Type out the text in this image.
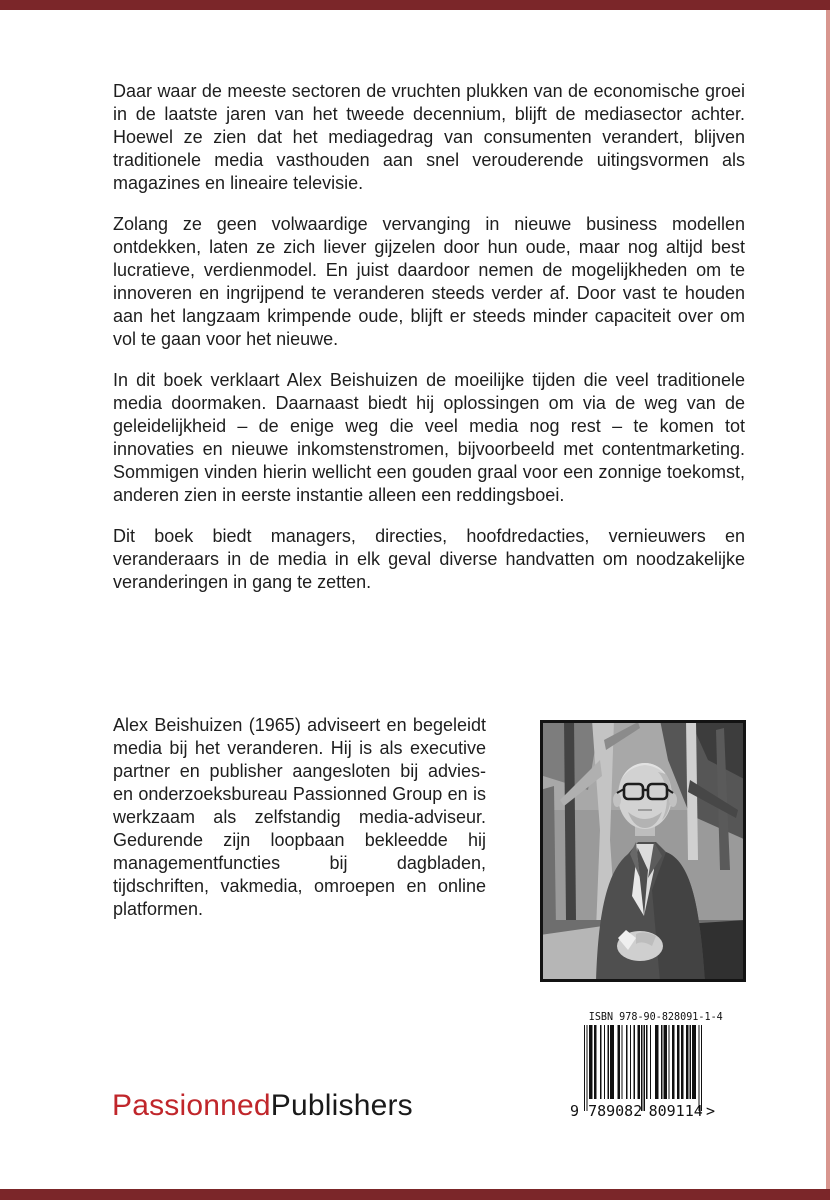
Daar waar de meeste sectoren de vruchten plukken van de economische groei in de laatste jaren van het tweede decennium, blijft de mediasector achter. Hoewel ze zien dat het mediagedrag van consumenten verandert, blijven traditionele media vasthouden aan snel verouderende uitingsvormen als magazines en lineaire televisie.

Zolang ze geen volwaardige vervanging in nieuwe business modellen ontdekken, laten ze zich liever gijzelen door hun oude, maar nog altijd best lucratieve, verdienmodel. En juist daardoor nemen de mogelijkheden om te innoveren en ingrijpend te veranderen steeds verder af. Door vast te houden aan het langzaam krimpende oude, blijft er steeds minder capaciteit over om vol te gaan voor het nieuwe.

In dit boek verklaart Alex Beishuizen de moeilijke tijden die veel traditionele media doormaken. Daarnaast biedt hij oplossingen om via de weg van de geleidelijkheid – de enige weg die veel media nog rest – te komen tot innovaties en nieuwe inkomstenstromen, bijvoorbeeld met contentmarketing. Sommigen vinden hierin wellicht een gouden graal voor een zonnige toekomst, anderen zien in eerste instantie alleen een reddingsboei.

Dit boek biedt managers, directies, hoofdredacties, vernieuwers en veranderaars in de media in elk geval diverse handvatten om noodzakelijke veranderingen in gang te zetten.

Alex Beishuizen (1965) adviseert en begeleidt media bij het veranderen. Hij is als executive partner en publisher aangesloten bij advies- en onderzoeksbureau Passionned Group en is werkzaam als zelfstandig media-adviseur. Gedurende zijn loopbaan bekleedde hij managementfuncties bij dagbladen, tijdschriften, vakmedia, omroepen en online platformen.

PassionnedPublishers
ISBN 978-90-828091-1-4
9 789082 809114 >
